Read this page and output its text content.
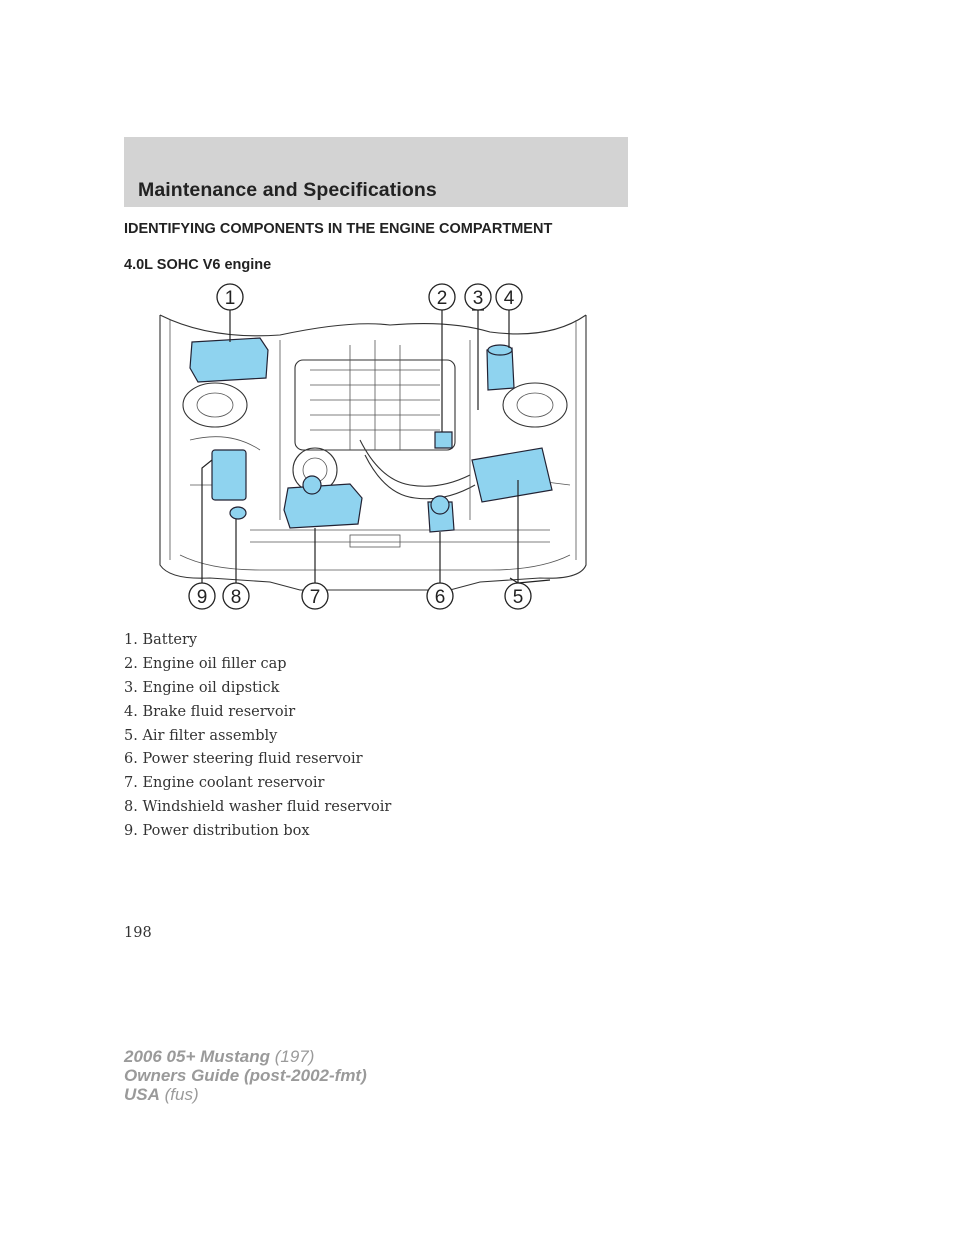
Maintenance and Specifications
IDENTIFYING COMPONENTS IN THE ENGINE COMPARTMENT
4.0L SOHC V6 engine
1	2 3 4
5
6
7
8
9
1. Battery
2. Engine oil filler cap
3. Engine oil dipstick
4. Brake fluid reservoir
5. Air filter assembly
6. Power steering fluid reservoir
7. Engine coolant reservoir
8. Windshield washer fluid reservoir
9. Power distribution box
198
2006 05+ Mustang (197)
Owners Guide (post-2002-fmt)
USA (fus)
